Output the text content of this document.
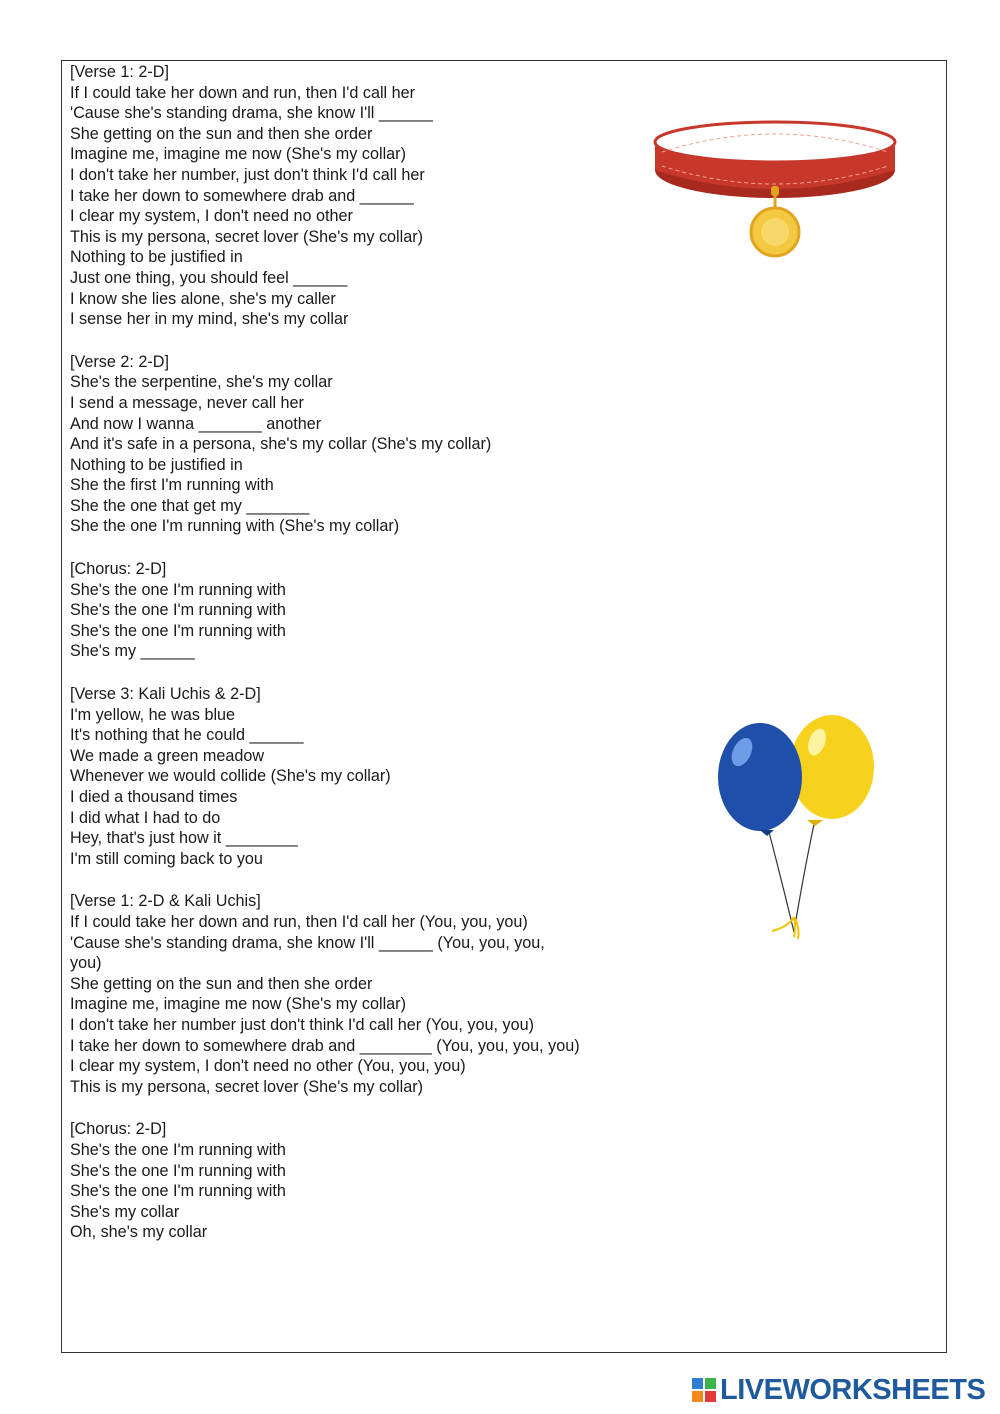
[Verse 1: 2-D]
If I could take her down and run, then I'd call her
'Cause she's standing drama, she know I'll ______
She getting on the sun and then she order
Imagine me, imagine me now (She's my collar)
I don't take her number, just don't think I'd call her
I take her down to somewhere drab and ______
I clear my system, I don't need no other
This is my persona, secret lover (She's my collar)
Nothing to be justified in
Just one thing, you should feel ______
I know she lies alone, she's my caller
I sense her in my mind, she's my collar
[Verse 2: 2-D]
She's the serpentine, she's my collar
I send a message, never call her
And now I wanna _______ another
And it's safe in a persona, she's my collar (She's my collar)
Nothing to be justified in
She the first I'm running with
She the one that get my _______
She the one I'm running with (She's my collar)
[Chorus: 2-D]
She's the one I'm running with
She's the one I'm running with
She's the one I'm running with
She's my ______
[Verse 3: Kali Uchis & 2-D]
I'm yellow, he was blue
It's nothing that he could ______
We made a green meadow
Whenever we would collide (She's my collar)
I died a thousand times
I did what I had to do
Hey, that's just how it ________
I'm still coming back to you
[Verse 1: 2-D & Kali Uchis]
If I could take her down and run, then I'd call her (You, you, you)
'Cause she's standing drama, she know I'll ______ (You, you, you,
you)
She getting on the sun and then she order
Imagine me, imagine me now (She's my collar)
I don't take her number just don't think I'd call her (You, you, you)
I take her down to somewhere drab and ________ (You, you, you, you)
I clear my system, I don't need no other (You, you, you)
This is my persona, secret lover (She's my collar)
[Chorus: 2-D]
She's the one I'm running with
She's the one I'm running with
She's the one I'm running with
She's my collar
Oh, she's my collar
LIVEWORKSHEETS
